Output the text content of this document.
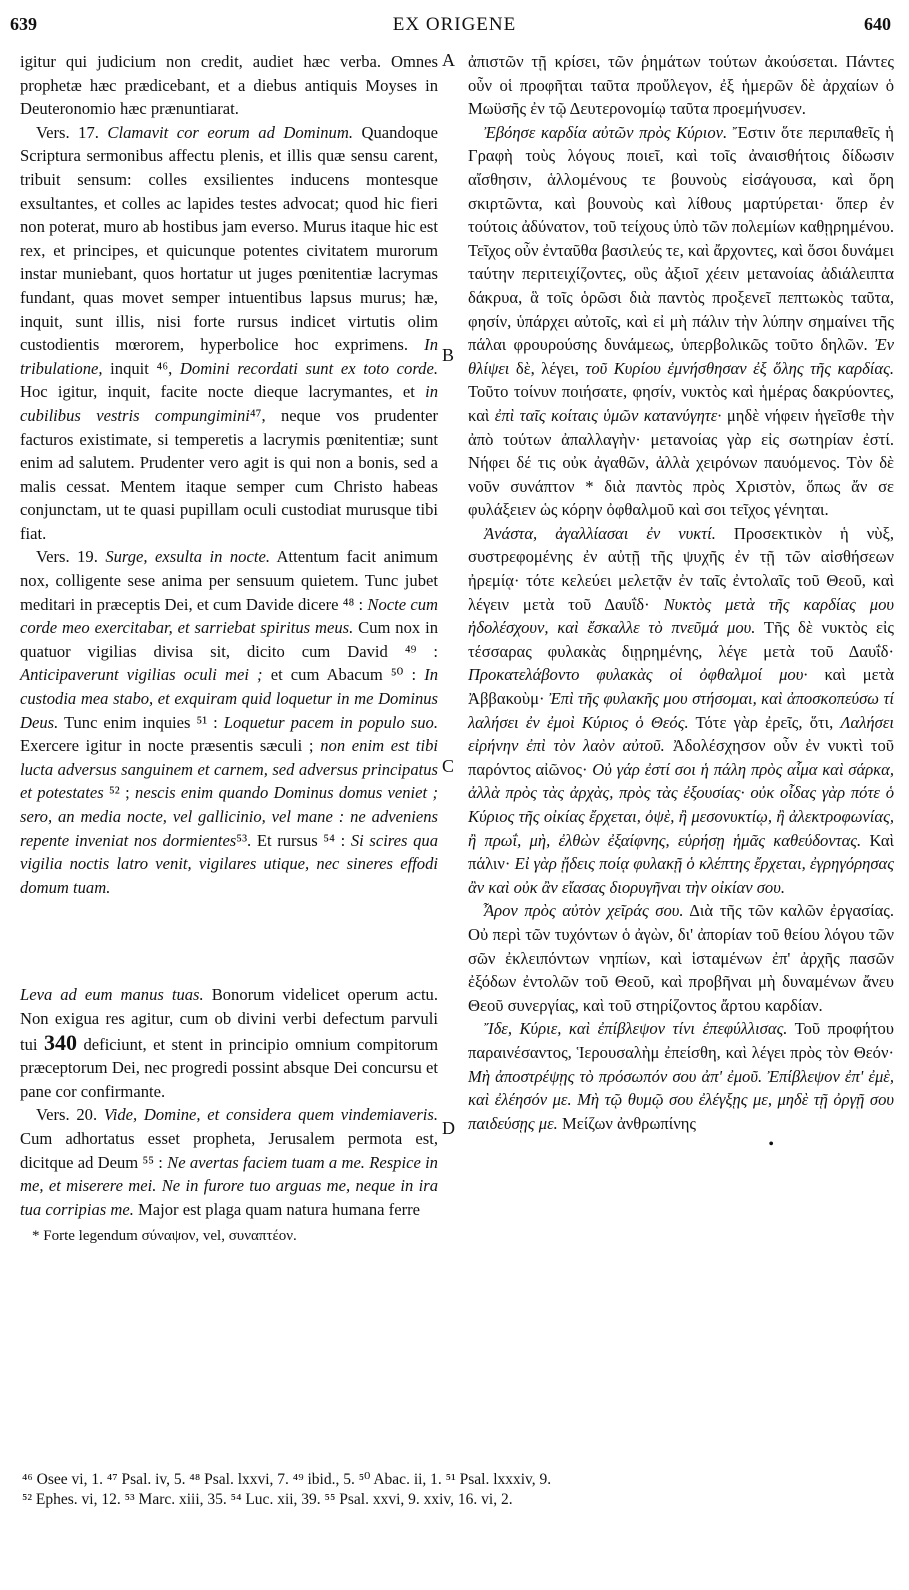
639	EX ORIGENE	640
A
B
C
D

igitur qui judicium non credit, audiet hæc verba. Omnes prophetæ hæc prædicebant, et a diebus antiquis Moyses in Deuteronomio hæc prænuntiarat.

Vers. 17. Clamavit cor eorum ad Dominum. Quandoque Scriptura sermonibus affectu plenis, et illis quæ sensu carent, tribuit sensum: colles exsilientes inducens montesque exsultantes, et colles ac lapides testes advocat; quod hic fieri non poterat, muro ab hostibus jam everso. Murus itaque hic est rex, et principes, et quicunque potentes civitatem murorum instar muniebant, quos hortatur ut juges pœnitentiæ lacrymas fundant, quas movet semper intuentibus lapsus murus; hæ, inquit, sunt illis, nisi forte rursus indicet virtutis olim custodientis mœrorem, hyperbolice hoc exprimens. In tribulatione, inquit ⁴⁶, Domini recordati sunt ex toto corde. Hoc igitur, inquit, facite nocte dieque lacrymantes, et in cubilibus vestris compungimini⁴⁷, neque vos prudenter facturos existimate, si temperetis a lacrymis pœnitentiæ; sunt enim ad salutem. Prudenter vero agit is qui non a bonis, sed a malis cessat. Mentem itaque semper cum Christo habeas conjunctam, ut te quasi pupillam oculi custodiat murusque tibi fiat.

Vers. 19. Surge, exsulta in nocte. Attentum facit animum nox, colligente sese anima per sensuum quietem. Tunc jubet meditari in præceptis Dei, et cum Davide dicere ⁴⁸ : Nocte cum corde meo exercitabar, et sarriebat spiritus meus. Cum nox in quatuor vigilias divisa sit, dicito cum David ⁴⁹ : Anticipaverunt vigilias oculi mei ; et cum Abacum ⁵⁰ : In custodia mea stabo, et exquiram quid loquetur in me Dominus Deus. Tunc enim inquies ⁵¹ : Loquetur pacem in populo suo. Exercere igitur in nocte præsentis sæculi ; non enim est tibi lucta adversus sanguinem et carnem, sed adversus principatus et potestates ⁵² ; nescis enim quando Dominus domus veniet ; sero, an media nocte, vel gallicinio, vel mane : ne adveniens repente inveniat nos dormientes⁵³. Et rursus ⁵⁴ : Si scires qua vigilia noctis latro venit, vigilares utique, nec sineres effodi domum tuam.

Leva ad eum manus tuas. Bonorum videlicet operum actu. Non exigua res agitur, cum ob divini verbi defectum parvuli tui 340 deficiunt, et stent in principio omnium compitorum præceptorum Dei, nec progredi possint absque Dei concursu et pane cor confirmante.

Vers. 20. Vide, Domine, et considera quem vindemiaveris. Cum adhortatus esset propheta, Jerusalem permota est, dicitque ad Deum ⁵⁵ : Ne avertas faciem tuam a me. Respice in me, et miserere mei. Ne in furore tuo arguas me, neque in ira tua corripias me. Major est plaga quam natura humana ferre

* Forte legendum σύναψον, vel, συναπτέον.

ἀπιστῶν τῇ κρίσει, τῶν ῥημάτων τούτων ἀκούσεται. Πάντες οὖν οἱ προφῆται ταῦτα προὔλεγον, ἐξ ἡμερῶν δὲ ἀρχαίων ὁ Μωϋσῆς ἐν τῷ Δευτερονομίῳ ταῦτα προεμήνυσεν.

Ἐβόησε καρδία αὐτῶν πρὸς Κύριον. Ἔστιν ὅτε περιπαθεῖς ἡ Γραφὴ τοὺς λόγους ποιεῖ, καὶ τοῖς ἀναισθήτοις δίδωσιν αἴσθησιν, ἁλλομένους τε βουνοὺς εἰσάγουσα, καὶ ὄρη σκιρτῶντα, καὶ βουνοὺς καὶ λίθους μαρτύρεται· ὅπερ ἐν τούτοις ἀδύνατον, τοῦ τείχους ὑπὸ τῶν πολεμίων καθῃρημένου. Τεῖχος οὖν ἐνταῦθα βασιλεύς τε, καὶ ἄρχοντες, καὶ ὅσοι δυνάμει ταύτην περιτειχίζοντες, οὓς ἀξιοῖ χέειν μετανοίας ἀδιάλειπτα δάκρυα, ἃ τοῖς ὁρῶσι διὰ παντὸς προξενεῖ πεπτωκὸς ταῦτα, φησίν, ὑπάρχει αὐτοῖς, καὶ εἰ μὴ πάλιν τὴν λύπην σημαίνει τῆς πάλαι φρουρούσης δυνάμεως, ὑπερβολικῶς τοῦτο δηλῶν. Ἐν θλίψει δὲ, λέγει, τοῦ Κυρίου ἐμνήσθησαν ἐξ ὅλης τῆς καρδίας. Τοῦτο τοίνυν ποιήσατε, φησίν, νυκτὸς καὶ ἡμέρας δακρύοντες, καὶ ἐπὶ ταῖς κοίταις ὑμῶν κατανύγητε· μηδὲ νήφειν ἡγεῖσθε τὴν ἀπὸ τούτων ἀπαλλαγὴν· μετανοίας γὰρ εἰς σωτηρίαν ἐστί. Νήφει δέ τις οὐκ ἀγαθῶν, ἀλλὰ χειρόνων παυόμενος. Τὸν δὲ νοῦν συνάπτον * διὰ παντὸς πρὸς Χριστὸν, ὅπως ἄν σε φυλάξειεν ὡς κόρην ὀφθαλμοῦ καὶ σοι τεῖχος γένηται.

Ἀνάστα, ἀγαλλίασαι ἐν νυκτί. Προσεκτικὸν ἡ νὺξ, συστρεφομένης ἐν αὐτῇ τῆς ψυχῆς ἐν τῇ τῶν αἰσθήσεων ἠρεμίᾳ· τότε κελεύει μελετᾷν ἐν ταῖς ἐντολαῖς τοῦ Θεοῦ, καὶ λέγειν μετὰ τοῦ Δαυΐδ· Νυκτὸς μετὰ τῆς καρδίας μου ἠδολέσχουν, καὶ ἔσκαλλε τὸ πνεῦμά μου. Τῆς δὲ νυκτὸς εἰς τέσσαρας φυλακὰς διῃρημένης, λέγε μετὰ τοῦ Δαυΐδ· Προκατελάβοντο φυλακὰς οἱ ὀφθαλμοί μου· καὶ μετὰ Ἀββακοὺμ· Ἐπὶ τῆς φυλακῆς μου στήσομαι, καὶ ἀποσκοπεύσω τί λαλήσει ἐν ἐμοὶ Κύριος ὁ Θεός. Τότε γὰρ ἐρεῖς, ὅτι, Λαλήσει εἰρήνην ἐπὶ τὸν λαὸν αὐτοῦ. Ἀδολέσχησον οὖν ἐν νυκτὶ τοῦ παρόντος αἰῶνος· Οὐ γάρ ἐστί σοι ἡ πάλη πρὸς αἷμα καὶ σάρκα, ἀλλὰ πρὸς τὰς ἀρχὰς, πρὸς τὰς ἐξουσίας· οὐκ οἶδας γὰρ πότε ὁ Κύριος τῆς οἰκίας ἔρχεται, ὀψὲ, ἢ μεσονυκτίῳ, ἢ ἀλεκτροφωνίας, ἢ πρωΐ, μὴ, ἐλθὼν ἐξαίφνης, εὑρήσῃ ἡμᾶς καθεύδοντας. Καὶ πάλιν· Εἰ γὰρ ᾔδεις ποίᾳ φυλακῇ ὁ κλέπτης ἔρχεται, ἐγρηγόρησας ἂν καὶ οὐκ ἂν εἴασας διορυγῆναι τὴν οἰκίαν σου.

Ἆρον πρὸς αὐτὸν χεῖράς σου. Διὰ τῆς τῶν καλῶν ἐργασίας. Οὐ περὶ τῶν τυχόντων ὁ ἀγὼν, δι' ἀπορίαν τοῦ θείου λόγου τῶν σῶν ἐκλειπόντων νηπίων, καὶ ἱσταμένων ἐπ' ἀρχῆς πασῶν ἐξόδων ἐντολῶν τοῦ Θεοῦ, καὶ προβῆναι μὴ δυναμένων ἄνευ Θεοῦ συνεργίας, καὶ τοῦ στηρίζοντος ἄρτου καρδίαν.

Ἴδε, Κύριε, καὶ ἐπίβλεψον τίνι ἐπεφύλλισας. Τοῦ προφήτου παραινέσαντος, Ἱερουσαλὴμ ἐπείσθη, καὶ λέγει πρὸς τὸν Θεόν· Μὴ ἀποστρέψῃς τὸ πρόσωπόν σου ἀπ' ἐμοῦ. Ἐπίβλεψον ἐπ' ἐμὲ, καὶ ἐλέησόν με. Μὴ τῷ θυμῷ σου ἐλέγξῃς με, μηδὲ τῇ ὀργῇ σου παιδεύσῃς με. Μείζων ἀνθρωπίνης

•

⁴⁶ Osee vi, 1. ⁴⁷ Psal. iv, 5. ⁴⁸ Psal. lxxvi, 7. ⁴⁹ ibid., 5. ⁵⁰ Abac. ii, 1. ⁵¹ Psal. lxxxiv, 9.
⁵² Ephes. vi, 12. ⁵³ Marc. xiii, 35. ⁵⁴ Luc. xii, 39. ⁵⁵ Psal. xxvi, 9. xxiv, 16. vi, 2.
